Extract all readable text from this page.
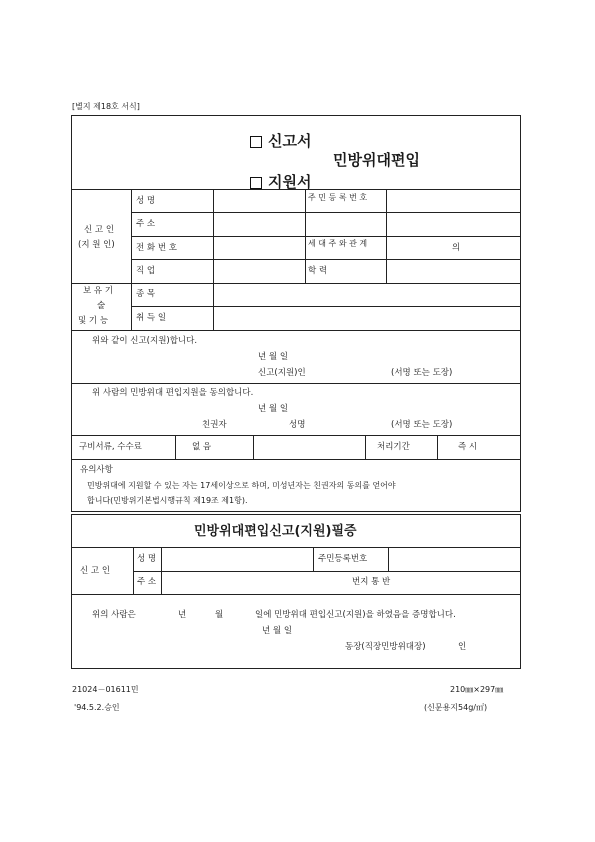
[별지 제18호 서식]
신고서
민방위대편입
지원서
신 고 인
(지 원 인)
성 명	주 민 등 록 번 호
주 소
전 화 번 호	세 대 주 와 관 계	의
직 업	학 력
보 유 기
술
및 기 능
종 목
취 득 일
위와 같이 신고(지원)합니다.
년 월 일
신고(지원)인	(서명 또는 도장)
위 사람의 민방위대 편입지원을 동의합니다.
년 월 일
친권자	성명	(서명 또는 도장)
구비서류, 수수료	없 음	처리기간	즉 시
유의사항
민방위대에 지원할 수 있는 자는 17세이상으로 하며, 미성년자는 친권자의 동의를 얻어야
합니다(민방위기본법시행규칙 제19조 제1항).
민방위대편입신고(지원)필증
신 고 인
성 명	주민등록번호
주 소	번지 통 반
위의 사람은	년	월	일에 민방위대 편입신고(지원)을 하였음을 증명합니다.
년 월 일
동장(직장민방위대장)	인
21024－01611민
'94.5.2.승인
210㎜×297㎜
(신문용지54g/㎡)
